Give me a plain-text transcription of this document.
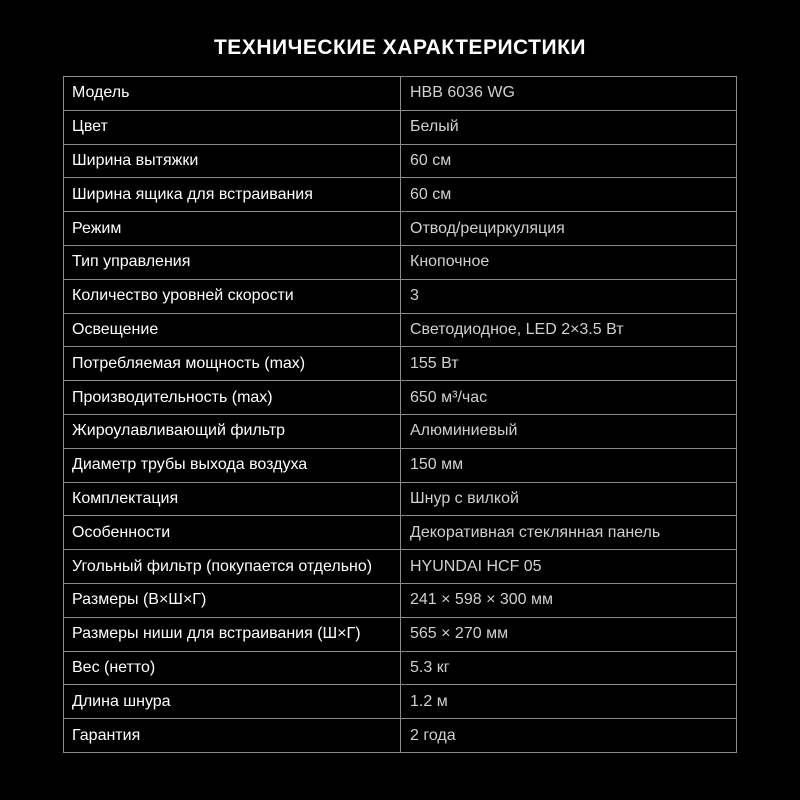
ТЕХНИЧЕСКИЕ ХАРАКТЕРИСТИКИ
Модель	HBB 6036 WG
Цвет	Белый
Ширина вытяжки	60 см
Ширина ящика для встраивания	60 см
Режим	Отвод/рециркуляция
Тип управления	Кнопочное
Количество уровней скорости	3
Освещение	Светодиодное, LED 2×3.5 Вт
Потребляемая мощность (max)	155 Вт
Производительность (max)	650 м³/час
Жироулавливающий фильтр	Алюминиевый
Диаметр трубы выхода воздуха	150 мм
Комплектация	Шнур с вилкой
Особенности	Декоративная стеклянная панель
Угольный фильтр (покупается отдельно)	HYUNDAI HCF 05
Размеры (В×Ш×Г)	241 × 598 × 300 мм
Размеры ниши для встраивания (Ш×Г)	565 × 270 мм
Вес (нетто)	5.3 кг
Длина шнура	1.2 м
Гарантия	2 года
